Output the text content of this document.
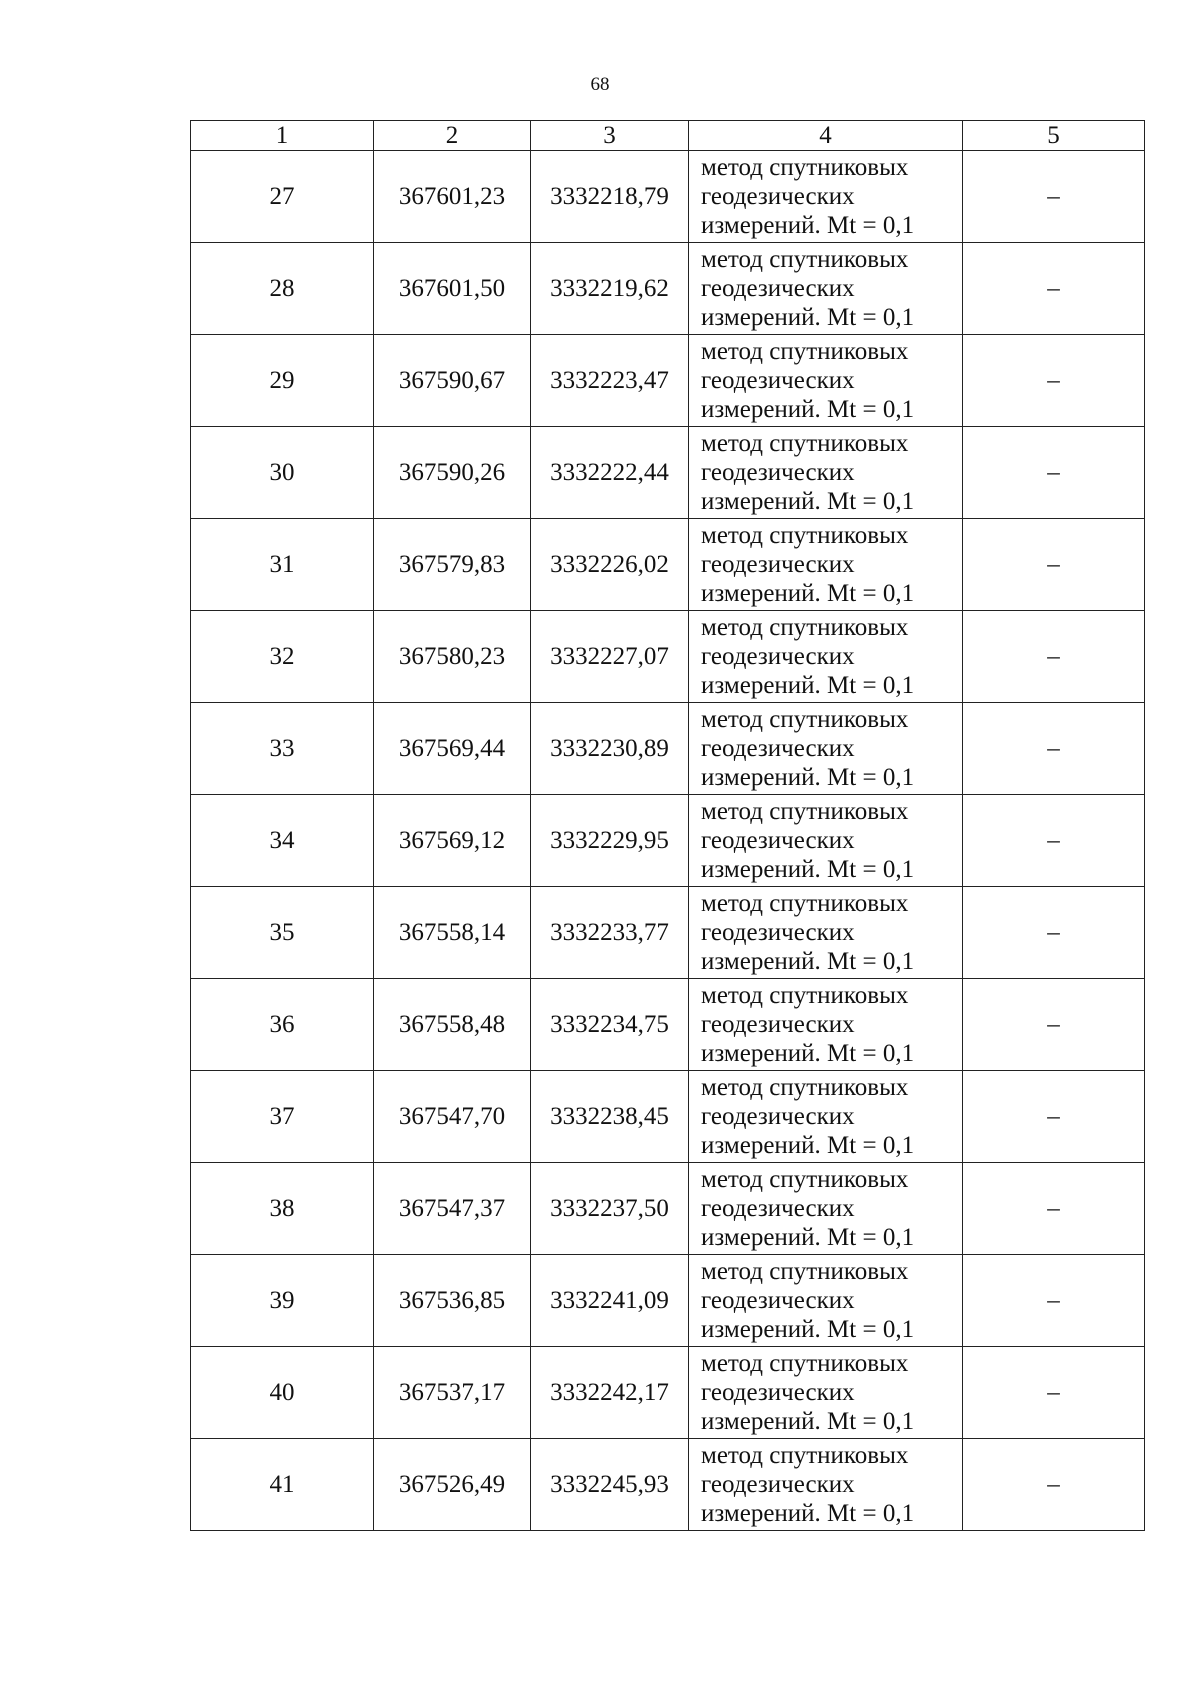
68
1	2	3	4	5
27	367601,23	3332218,79	метод спутниковых
геодезических
измерений. Mt = 0,1	–
28	367601,50	3332219,62	метод спутниковых
геодезических
измерений. Mt = 0,1	–
29	367590,67	3332223,47	метод спутниковых
геодезических
измерений. Mt = 0,1	–
30	367590,26	3332222,44	метод спутниковых
геодезических
измерений. Mt = 0,1	–
31	367579,83	3332226,02	метод спутниковых
геодезических
измерений. Mt = 0,1	–
32	367580,23	3332227,07	метод спутниковых
геодезических
измерений. Mt = 0,1	–
33	367569,44	3332230,89	метод спутниковых
геодезических
измерений. Mt = 0,1	–
34	367569,12	3332229,95	метод спутниковых
геодезических
измерений. Mt = 0,1	–
35	367558,14	3332233,77	метод спутниковых
геодезических
измерений. Mt = 0,1	–
36	367558,48	3332234,75	метод спутниковых
геодезических
измерений. Mt = 0,1	–
37	367547,70	3332238,45	метод спутниковых
геодезических
измерений. Mt = 0,1	–
38	367547,37	3332237,50	метод спутниковых
геодезических
измерений. Mt = 0,1	–
39	367536,85	3332241,09	метод спутниковых
геодезических
измерений. Mt = 0,1	–
40	367537,17	3332242,17	метод спутниковых
геодезических
измерений. Mt = 0,1	–
41	367526,49	3332245,93	метод спутниковых
геодезических
измерений. Mt = 0,1	–
